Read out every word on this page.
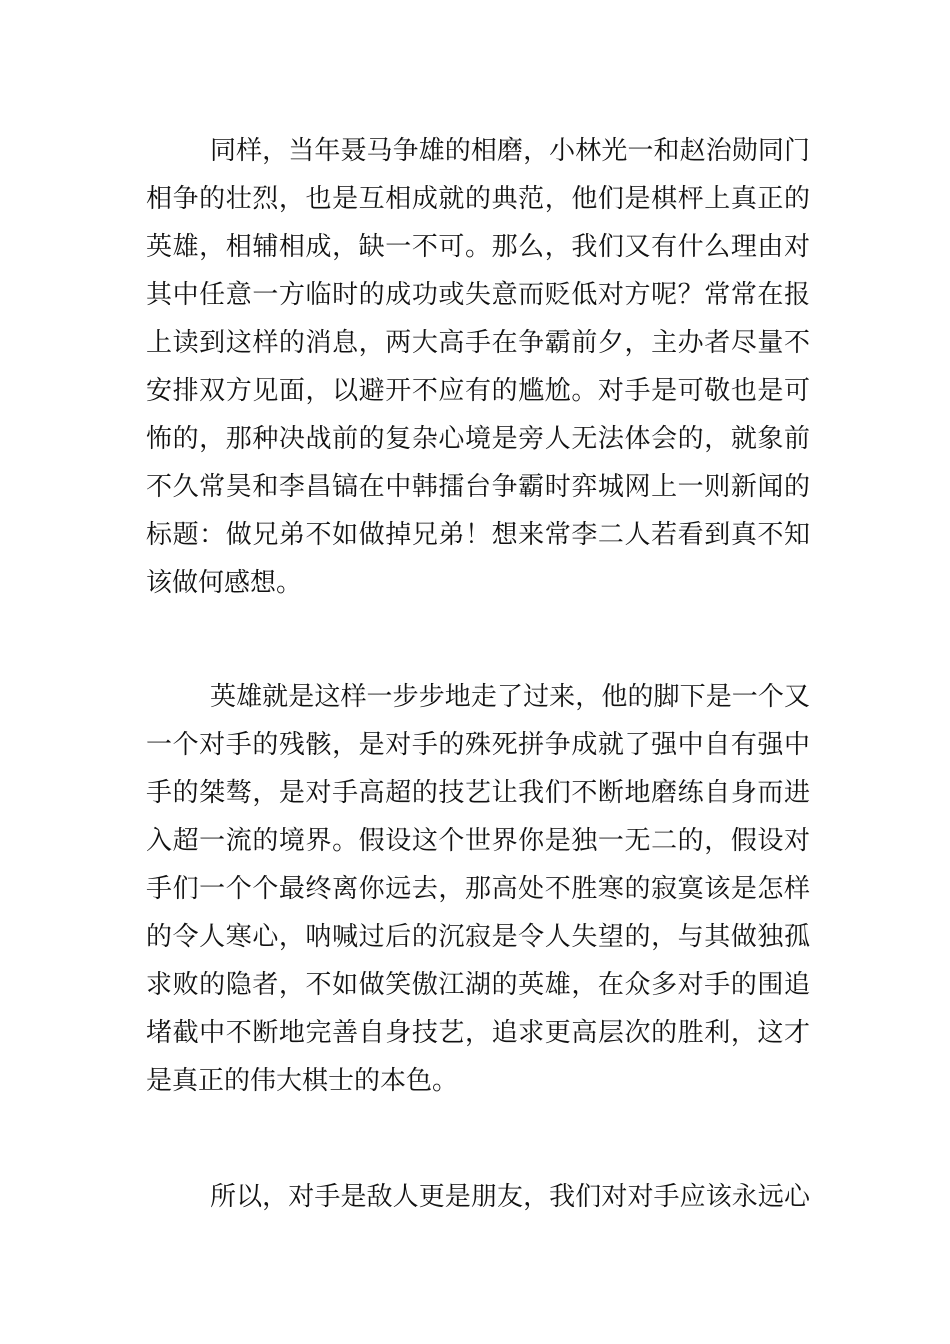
同样，当年聂马争雄的相磨，小林光一和赵治勋同门
相争的壮烈，也是互相成就的典范，他们是棋枰上真正的
英雄，相辅相成，缺一不可。那么，我们又有什么理由对
其中任意一方临时的成功或失意而贬低对方呢？常常在报
上读到这样的消息，两大高手在争霸前夕，主办者尽量不
安排双方见面，以避开不应有的尴尬。对手是可敬也是可
怖的，那种决战前的复杂心境是旁人无法体会的，就象前
不久常昊和李昌镐在中韩擂台争霸时弈城网上一则新闻的
标题：做兄弟不如做掉兄弟！想来常李二人若看到真不知
该做何感想。
英雄就是这样一步步地走了过来，他的脚下是一个又
一个对手的残骸，是对手的殊死拼争成就了强中自有强中
手的桀骜，是对手高超的技艺让我们不断地磨练自身而进
入超一流的境界。假设这个世界你是独一无二的，假设对
手们一个个最终离你远去，那高处不胜寒的寂寞该是怎样
的令人寒心，呐喊过后的沉寂是令人失望的，与其做独孤
求败的隐者，不如做笑傲江湖的英雄，在众多对手的围追
堵截中不断地完善自身技艺，追求更高层次的胜利，这才
是真正的伟大棋士的本色。
所以，对手是敌人更是朋友，我们对对手应该永远心
